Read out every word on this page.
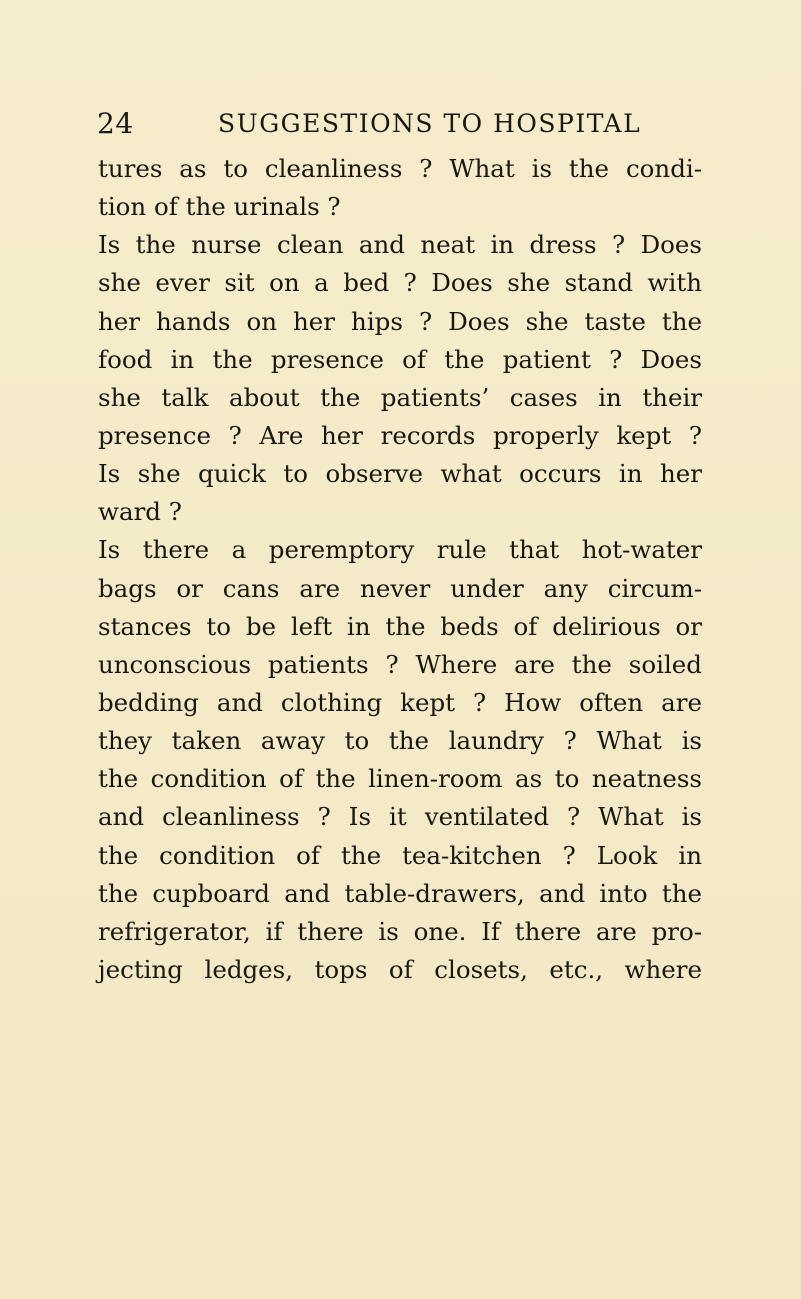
24	SUGGESTIONS TO HOSPITAL
tures as to cleanliness ? What is the condi-
tion of the urinals ?
Is the nurse clean and neat in dress ? Does
she ever sit on a bed ? Does she stand with
her hands on her hips ? Does she taste the
food in the presence of the patient ? Does
she talk about the patients’ cases in their
presence ? Are her records properly kept ?
Is she quick to observe what occurs in her
ward ?
Is there a peremptory rule that hot-water
bags or cans are never under any circum-
stances to be left in the beds of delirious or
unconscious patients ? Where are the soiled
bedding and clothing kept ? How often are
they taken away to the laundry ? What is
the condition of the linen-room as to neatness
and cleanliness ? Is it ventilated ? What is
the condition of the tea-kitchen ? Look in
the cupboard and table-drawers, and into the
refrigerator, if there is one. If there are pro-
jecting ledges, tops of closets, etc., where
